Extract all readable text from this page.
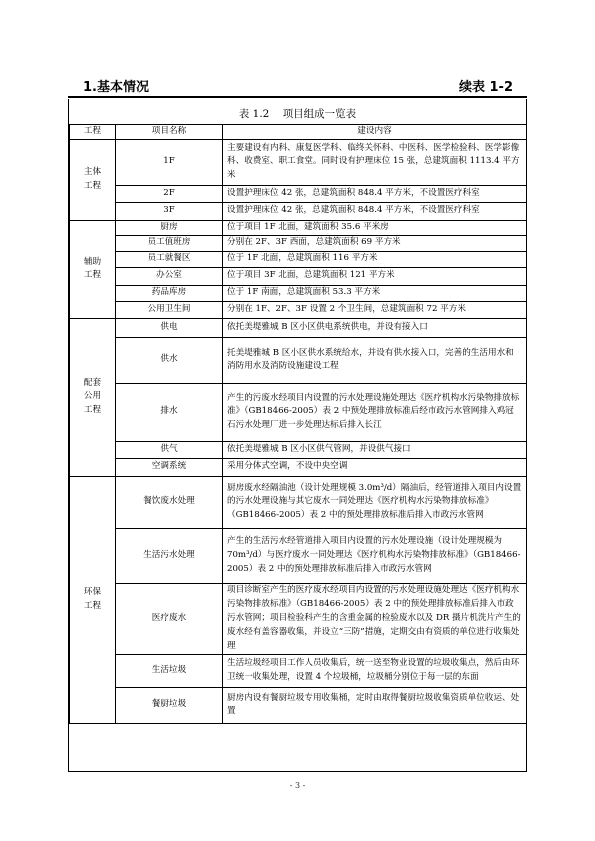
1.基本情况	续表 1-2
表 1.2 项目组成一览表
工程	项目名称	建设内容
主体
工程	1F	主要建设有内科、康复医学科、临终关怀科、中医科、医学检验科、医学影像科、收费室、职工食堂。同时设有护理床位 15 张，总建筑面积 1113.4 平方米
	2F	设置护理床位 42 张，总建筑面积 848.4 平方米，不设置医疗科室
	3F	设置护理床位 42 张，总建筑面积 848.4 平方米，不设置医疗科室
辅助
工程	厨房	位于项目 1F 北面，建筑面积 35.6 平米房
	员工值班房	分别在 2F、3F 西面，总建筑面积 69 平方米
	员工就餐区	位于 1F 北面，总建筑面积 116 平方米
	办公室	位于项目 3F 北面，总建筑面积 121 平方米
	药品库房	位于 1F 南面，总建筑面积 53.3 平方米
	公用卫生间	分别在 1F、2F、3F 设置 2 个卫生间，总建筑面积 72 平方米
配套
公用
工程	供电	依托美堤雅城 B 区小区供电系统供电，并设有接入口
	供水	托美堤雅城 B 区小区供水系统给水，并设有供水接入口，完善的生活用水和消防用水及消防设施建设工程
	排水	产生的污废水经项目内设置的污水处理设施处理达《医疗机构水污染物排放标准》（GB18466-2005）表 2 中预处理排放标准后经市政污水管网排入鸡冠石污水处理厂进一步处理达标后排入长江
	供气	依托美堤雅城 B 区小区供气管网，并设供气接口
	空调系统	采用分体式空调，不设中央空调
环保
工程	餐饮废水处理	厨房废水经隔油池（设计处理规模 3.0m³/d）隔油后，经管道排入项目内设置的污水处理设施与其它废水一同处理达《医疗机构水污染物排放标准》（GB18466-2005）表 2 中的预处理排放标准后排入市政污水管网
	生活污水处理	产生的生活污水经管道排入项目内设置的污水处理设施（设计处理规模为 70m³/d）与医疗废水一同处理达《医疗机构水污染物排放标准》（GB18466-2005）表 2 中的预处理排放标准后排入市政污水管网
	医疗废水	项目诊断室产生的医疗废水经项目内设置的污水处理设施处理达《医疗机构水污染物排放标准》（GB18466-2005）表 2 中的预处理排放标准后排入市政污水管网；项目检验科产生的含重金属的检验废水以及 DR 摄片机洗片产生的废水经有盖容器收集，并设立“三防”措施，定期交由有资质的单位进行收集处理
	生活垃圾	生活垃圾经项目工作人员收集后，统一送至物业设置的垃圾收集点，然后由环卫统一收集处理，设置 4 个垃圾桶，垃圾桶分别位于每一层的东面
	餐厨垃圾	厨房内设有餐厨垃圾专用收集桶，定时由取得餐厨垃圾收集资质单位收运、处置
- 3 -
